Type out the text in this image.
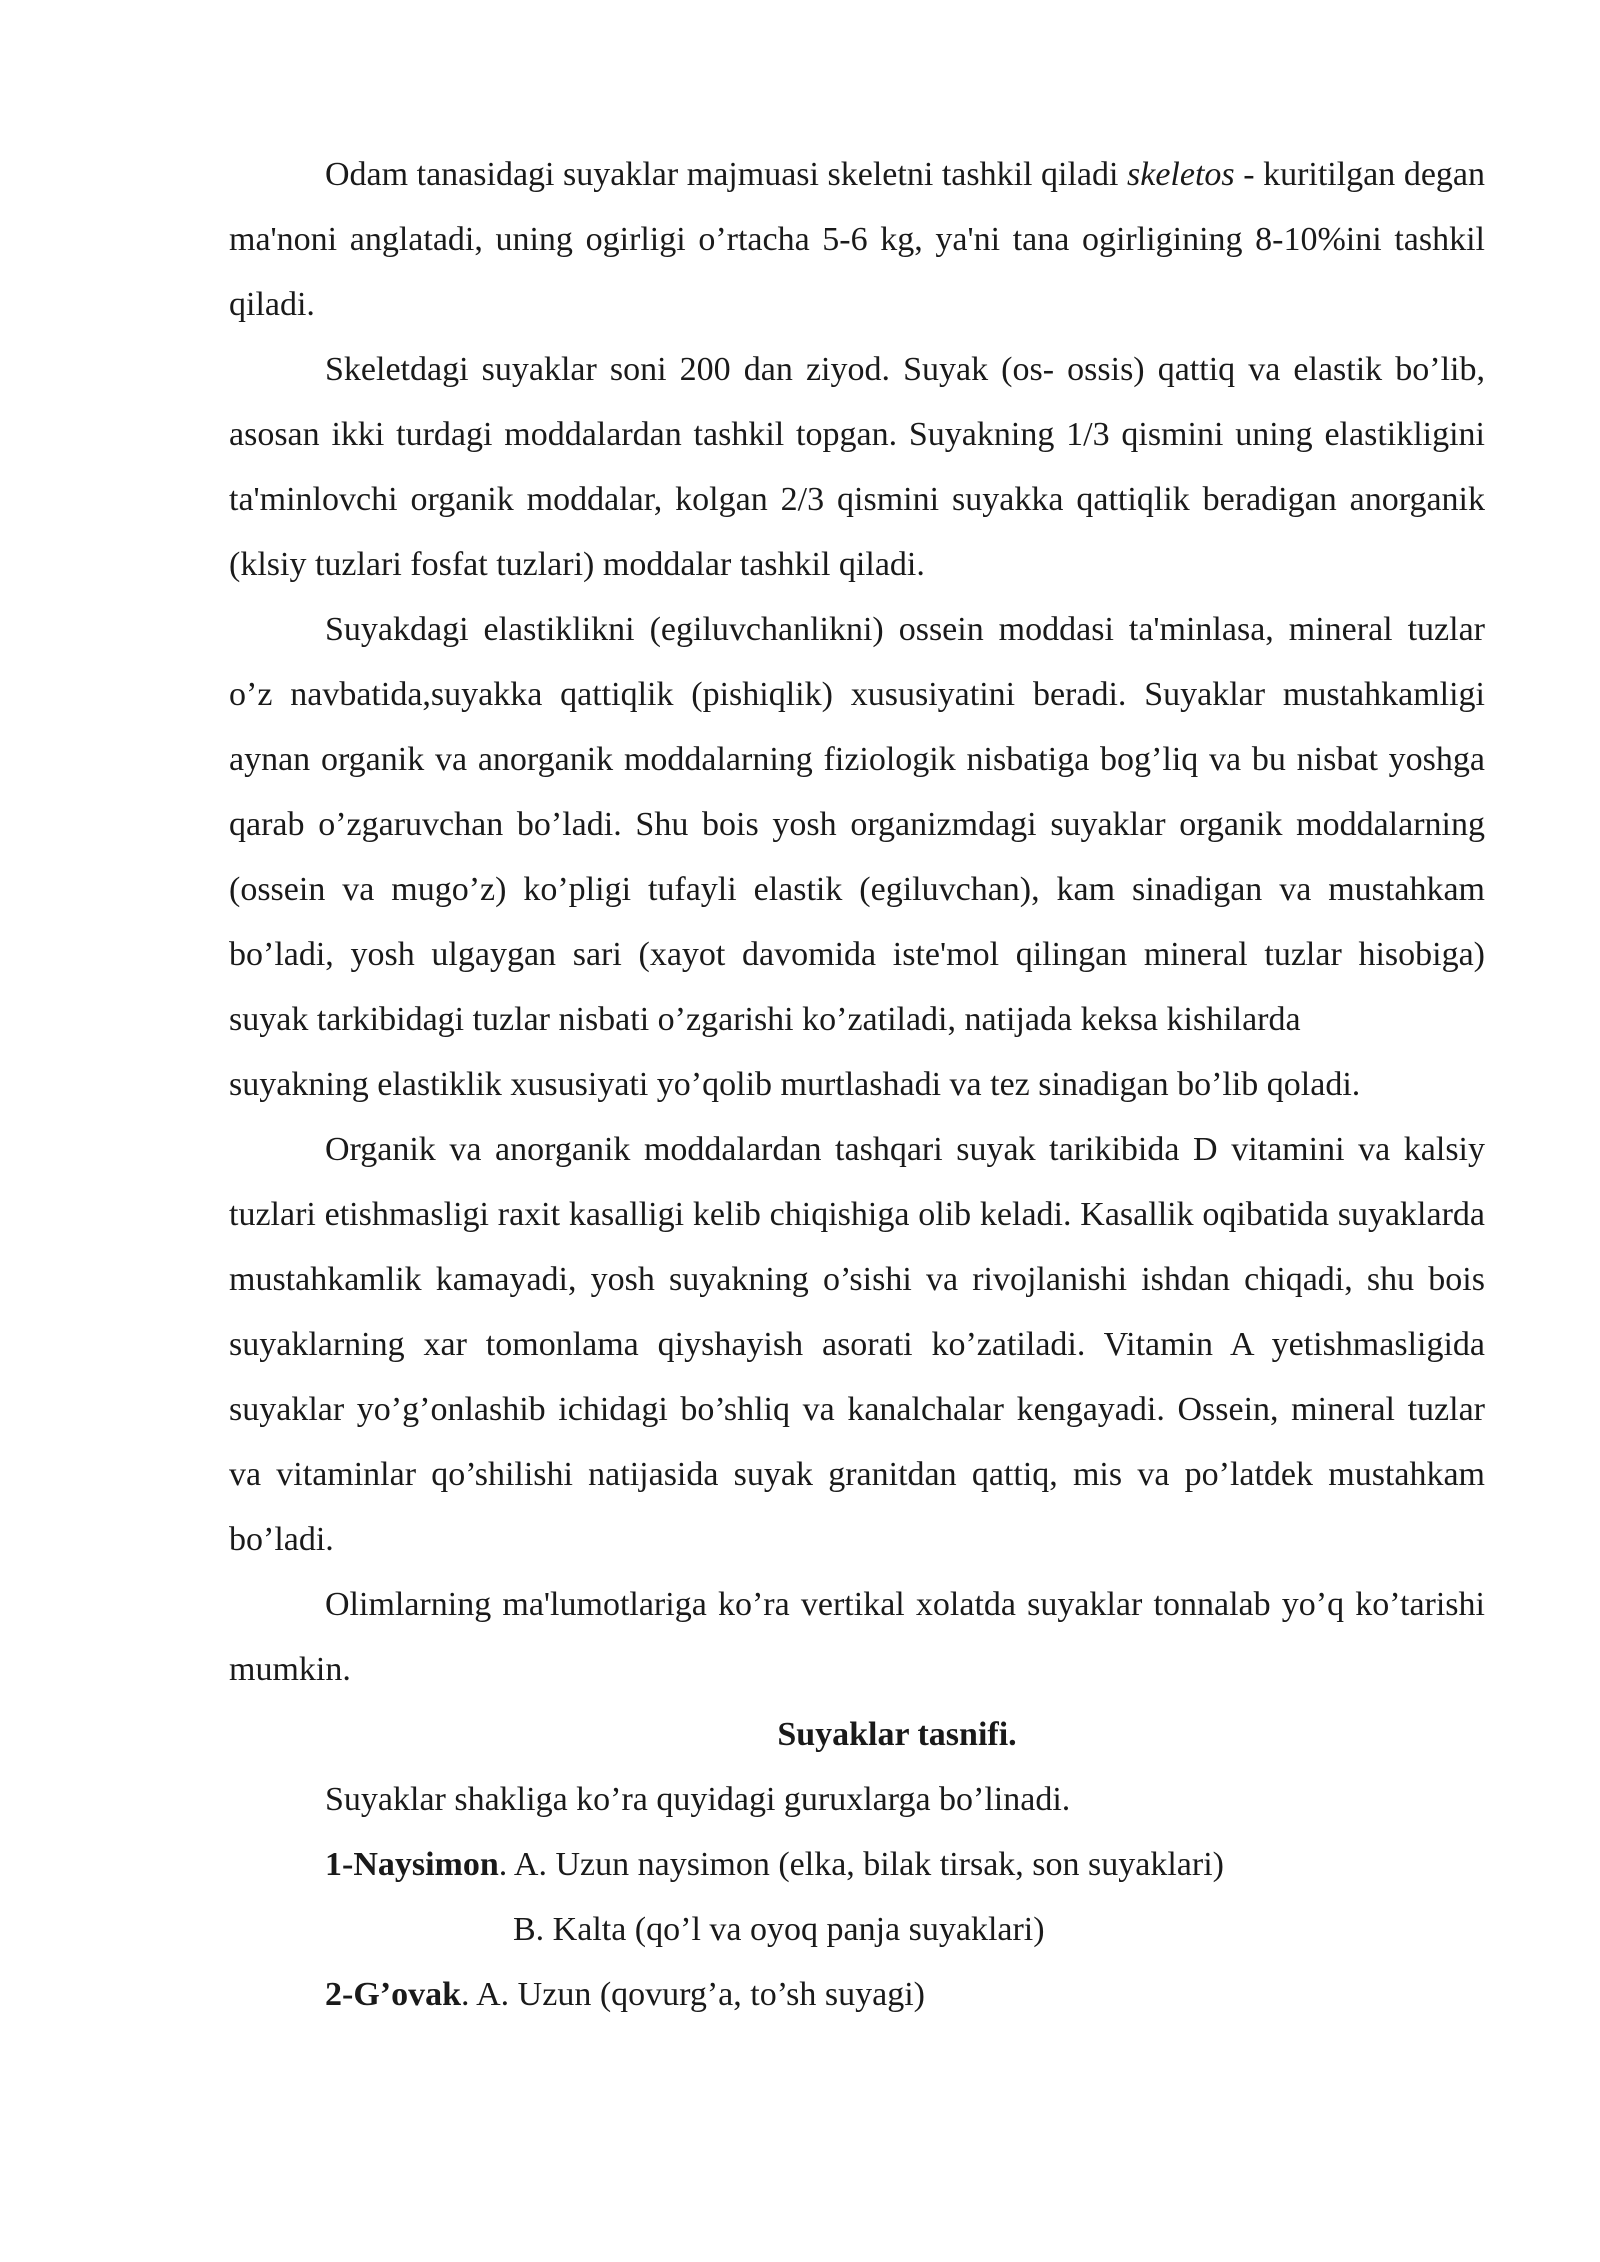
Odam tanasidagi suyaklar majmuasi skeletni tashkil qiladi skeletos - kuritilgan degan ma'noni anglatadi, uning ogirligi o’rtacha 5-6 kg, ya'ni tana ogirligining 8-10%ini tashkil qiladi.

Skeletdagi suyaklar soni 200 dan ziyod. Suyak (os- ossis) qattiq va elastik bo’lib, asosan ikki turdagi moddalardan tashkil topgan. Suyakning 1/3 qismini uning elastikligini ta'minlovchi organik moddalar, kolgan 2/3 qismini suyakka qattiqlik beradigan anorganik (klsiy tuzlari fosfat tuzlari) moddalar tashkil qiladi.

Suyakdagi elastiklikni (egiluvchanlikni) ossein moddasi ta'minlasa, mineral tuzlar o’z navbatida,suyakka qattiqlik (pishiqlik) xususiyatini beradi. Suyaklar mustahkamligi aynan organik va anorganik moddalarning fiziologik nisbatiga bog’liq va bu nisbat yoshga qarab o’zgaruvchan bo’ladi. Shu bois yosh organizmdagi suyaklar organik moddalarning (ossein va mugo’z) ko’pligi tufayli elastik (egiluvchan), kam sinadigan va mustahkam bo’ladi, yosh ulgaygan sari (xayot davomida iste'mol qilingan mineral tuzlar hisobiga) suyak tarkibidagi tuzlar nisbati o’zgarishi ko’zatiladi, natijada keksa kishilarda

suyakning elastiklik xususiyati yo’qolib murtlashadi va tez sinadigan bo’lib qoladi.

Organik va anorganik moddalardan tashqari suyak tarikibida D vitamini va kalsiy tuzlari etishmasligi raxit kasalligi kelib chiqishiga olib keladi. Kasallik oqibatida suyaklarda mustahkamlik kamayadi, yosh suyakning o’sishi va rivojlanishi ishdan chiqadi, shu bois suyaklarning xar tomonlama qiyshayish asorati ko’zatiladi. Vitamin A yetishmasligida suyaklar yo’g’onlashib ichidagi bo’shliq va kanalchalar kengayadi. Ossein, mineral tuzlar va vitaminlar qo’shilishi natijasida suyak granitdan qattiq, mis va po’latdek mustahkam bo’ladi.

Olimlarning ma'lumotlariga ko’ra vertikal xolatda suyaklar tonnalab yo’q ko’tarishi mumkin.

Suyaklar tasnifi.

Suyaklar shakliga ko’ra quyidagi guruxlarga bo’linadi.

1-Naysimon. A. Uzun naysimon (elka, bilak tirsak, son suyaklari)

B. Kalta (qo’l va oyoq panja suyaklari)

2-G’ovak. A. Uzun (qovurg’a, to’sh suyagi)
